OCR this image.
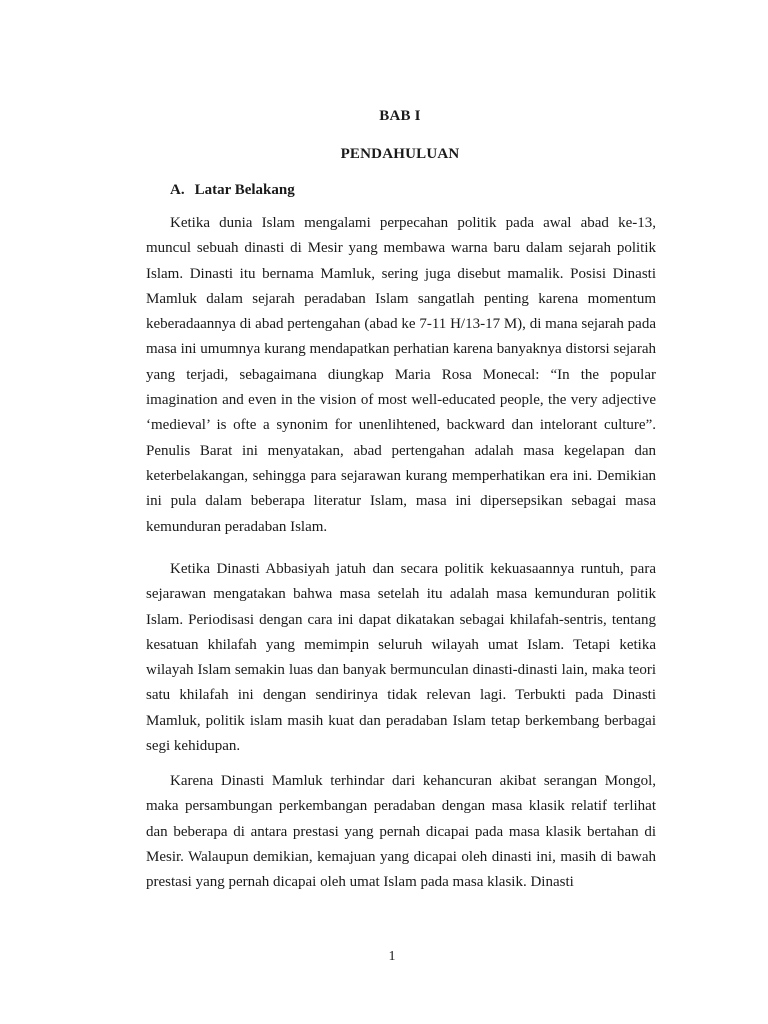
BAB I
PENDAHULUAN
A. Latar Belakang

Ketika dunia Islam mengalami perpecahan politik pada awal abad ke-13, muncul sebuah dinasti di Mesir yang membawa warna baru dalam sejarah politik Islam. Dinasti itu bernama Mamluk, sering juga disebut mamalik. Posisi Dinasti Mamluk dalam sejarah peradaban Islam sangatlah penting karena momentum keberadaannya di abad pertengahan (abad ke 7-11 H/13-17 M), di mana sejarah pada masa ini umumnya kurang mendapatkan perhatian karena banyaknya distorsi sejarah yang terjadi, sebagaimana diungkap Maria Rosa Monecal: “In the popular imagination and even in the vision of most well-educated people, the very adjective ‘medieval’ is ofte a synonim for unenlihtened, backward dan intelorant culture”. Penulis Barat ini menyatakan, abad pertengahan adalah masa kegelapan dan keterbelakangan, sehingga para sejarawan kurang memperhatikan era ini. Demikian ini pula dalam beberapa literatur Islam, masa ini dipersepsikan sebagai masa kemunduran peradaban Islam.

Ketika Dinasti Abbasiyah jatuh dan secara politik kekuasaannya runtuh, para sejarawan mengatakan bahwa masa setelah itu adalah masa kemunduran politik Islam. Periodisasi dengan cara ini dapat dikatakan sebagai khilafah-sentris, tentang kesatuan khilafah yang memimpin seluruh wilayah umat Islam. Tetapi ketika wilayah Islam semakin luas dan banyak bermunculan dinasti-dinasti lain, maka teori satu khilafah ini dengan sendirinya tidak relevan lagi. Terbukti pada Dinasti Mamluk, politik islam masih kuat dan peradaban Islam tetap berkembang berbagai segi kehidupan.

Karena Dinasti Mamluk terhindar dari kehancuran akibat serangan Mongol, maka persambungan perkembangan peradaban dengan masa klasik relatif terlihat dan beberapa di antara prestasi yang pernah dicapai pada masa klasik bertahan di Mesir. Walaupun demikian, kemajuan yang dicapai oleh dinasti ini, masih di bawah prestasi yang pernah dicapai oleh umat Islam pada masa klasik. Dinasti

1
